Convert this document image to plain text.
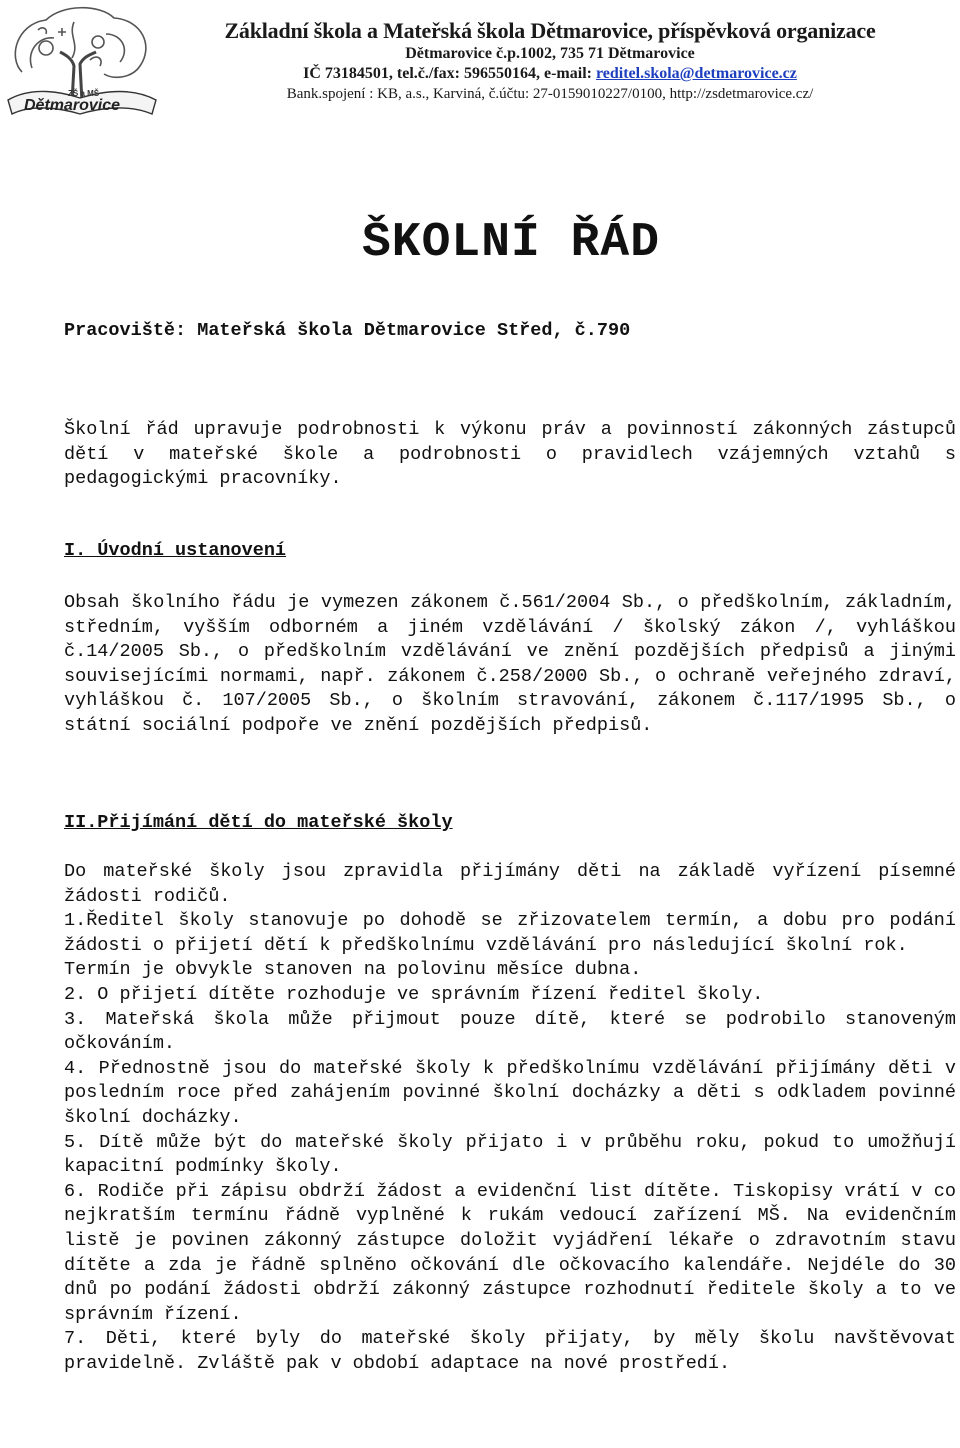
ZŠ a MŠ
Dětmarovice
Základní škola a Mateřská škola Dětmarovice, příspěvková organizace
Dětmarovice č.p.1002, 735 71 Dětmarovice
IČ 73184501, tel.č./fax: 596550164, e-mail: reditel.skola@detmarovice.cz
Bank.spojení : KB, a.s., Karviná, č.účtu: 27-0159010227/0100, http://zsdetmarovice.cz/
ŠKOLNÍ ŘÁD
Pracoviště: Mateřská škola Dětmarovice Střed, č.790

Školní řád upravuje podrobnosti k výkonu práv a povinností zákonných zástupců dětí v mateřské škole a podrobnosti o pravidlech vzájemných vztahů s pedagogickými pracovníky.

I. Úvodní ustanovení

Obsah školního řádu je vymezen zákonem č.561/2004 Sb., o předškolním, základním, středním, vyšším odborném a jiném vzdělávání / školský zákon /, vyhláškou č.14/2005 Sb., o předškolním vzdělávání ve znění pozdějších předpisů a jinými souvisejícími normami, např. zákonem č.258/2000 Sb., o ochraně veřejného zdraví, vyhláškou č. 107/2005 Sb., o školním stravování, zákonem č.117/1995 Sb., o státní sociální podpoře ve znění pozdějších předpisů.

II.Přijímání dětí do mateřské školy

Do mateřské školy jsou zpravidla přijímány děti na základě vyřízení písemné žádosti rodičů.

1.Ředitel školy stanovuje po dohodě se zřizovatelem termín, a dobu pro podání žádosti o přijetí dětí k předškolnímu vzdělávání pro následující školní rok.

Termín je obvykle stanoven na polovinu měsíce dubna.

2. O přijetí dítěte rozhoduje ve správním řízení ředitel školy.

3. Mateřská škola může přijmout pouze dítě, které se podrobilo stanoveným očkováním.

4. Přednostně jsou do mateřské školy k předškolnímu vzdělávání přijímány děti v posledním roce před zahájením povinné školní docházky a děti s odkladem povinné školní docházky.

5. Dítě může být do mateřské školy přijato i v průběhu roku, pokud to umožňují kapacitní podmínky školy.

6. Rodiče při zápisu obdrží žádost a evidenční list dítěte. Tiskopisy vrátí v co nejkratším termínu řádně vyplněné k rukám vedoucí zařízení MŠ. Na evidenčním listě je povinen zákonný zástupce doložit vyjádření lékaře o zdravotním stavu dítěte a zda je řádně splněno očkování dle očkovacího kalendáře. Nejdéle do 30 dnů po podání žádosti obdrží zákonný zástupce rozhodnutí ředitele školy a to ve správním řízení.

7. Děti, které byly do mateřské školy přijaty, by měly školu navštěvovat pravidelně. Zvláště pak v období adaptace na nové prostředí.
